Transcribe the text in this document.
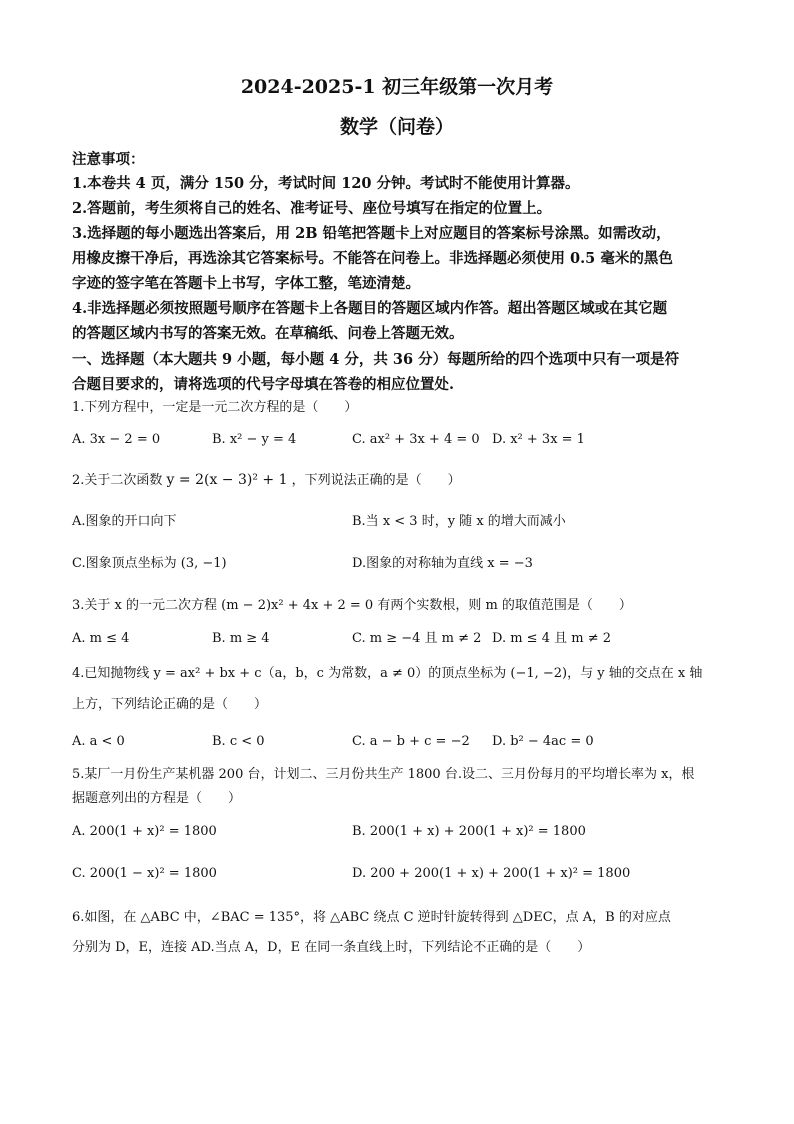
2024-2025-1 初三年级第一次月考
数学（问卷）
注意事项：
1.本卷共 4 页，满分 150 分，考试时间 120 分钟。考试时不能使用计算器。
2.答题前，考生须将自己的姓名、准考证号、座位号填写在指定的位置上。
3.选择题的每小题选出答案后，用 2B 铅笔把答题卡上对应题目的答案标号涂黑。如需改动，
用橡皮擦干净后，再选涂其它答案标号。不能答在问卷上。非选择题必须使用 0.5 毫米的黑色
字迹的签字笔在答题卡上书写，字体工整，笔迹清楚。
4.非选择题必须按照题号顺序在答题卡上各题目的答题区域内作答。超出答题区域或在其它题
的答题区域内书写的答案无效。在草稿纸、问卷上答题无效。
一、选择题（本大题共 9 小题，每小题 4 分，共 36 分）每题所给的四个选项中只有一项是符
合题目要求的，请将选项的代号字母填在答卷的相应位置处.
1.下列方程中，一定是一元二次方程的是（　　）
A. 3x − 2 = 0	B. x² − y = 4	C. ax² + 3x + 4 = 0 D. x² + 3x = 1
2.关于二次函数 y = 2(x − 3)² + 1 ，下列说法正确的是（　　）
A.图象的开口向下	B.当 x < 3 时，y 随 x 的增大而减小
C.图象顶点坐标为 (3, −1)	D.图象的对称轴为直线 x = −3
3.关于 x 的一元二次方程 (m − 2)x² + 4x + 2 = 0 有两个实数根，则 m 的取值范围是（　　）
A. m ≤ 4	B. m ≥ 4	C. m ≥ −4 且 m ≠ 2 D. m ≤ 4 且 m ≠ 2
4.已知抛物线 y = ax² + bx + c（a，b，c 为常数，a ≠ 0）的顶点坐标为 (−1, −2)，与 y 轴的交点在 x 轴
上方，下列结论正确的是（　　）
A. a < 0	B. c < 0	C. a − b + c = −2 D. b² − 4ac = 0
5.某厂一月份生产某机器 200 台，计划二、三月份共生产 1800 台.设二、三月份每月的平均增长率为 x，根
据题意列出的方程是（　　）
A. 200(1 + x)² = 1800	B. 200(1 + x) + 200(1 + x)² = 1800
C. 200(1 − x)² = 1800	D. 200 + 200(1 + x) + 200(1 + x)² = 1800
6.如图，在 △ABC 中，∠BAC = 135°，将 △ABC 绕点 C 逆时针旋转得到 △DEC，点 A，B 的对应点
分别为 D，E，连接 AD.当点 A，D，E 在同一条直线上时，下列结论不正确的是（　　）
